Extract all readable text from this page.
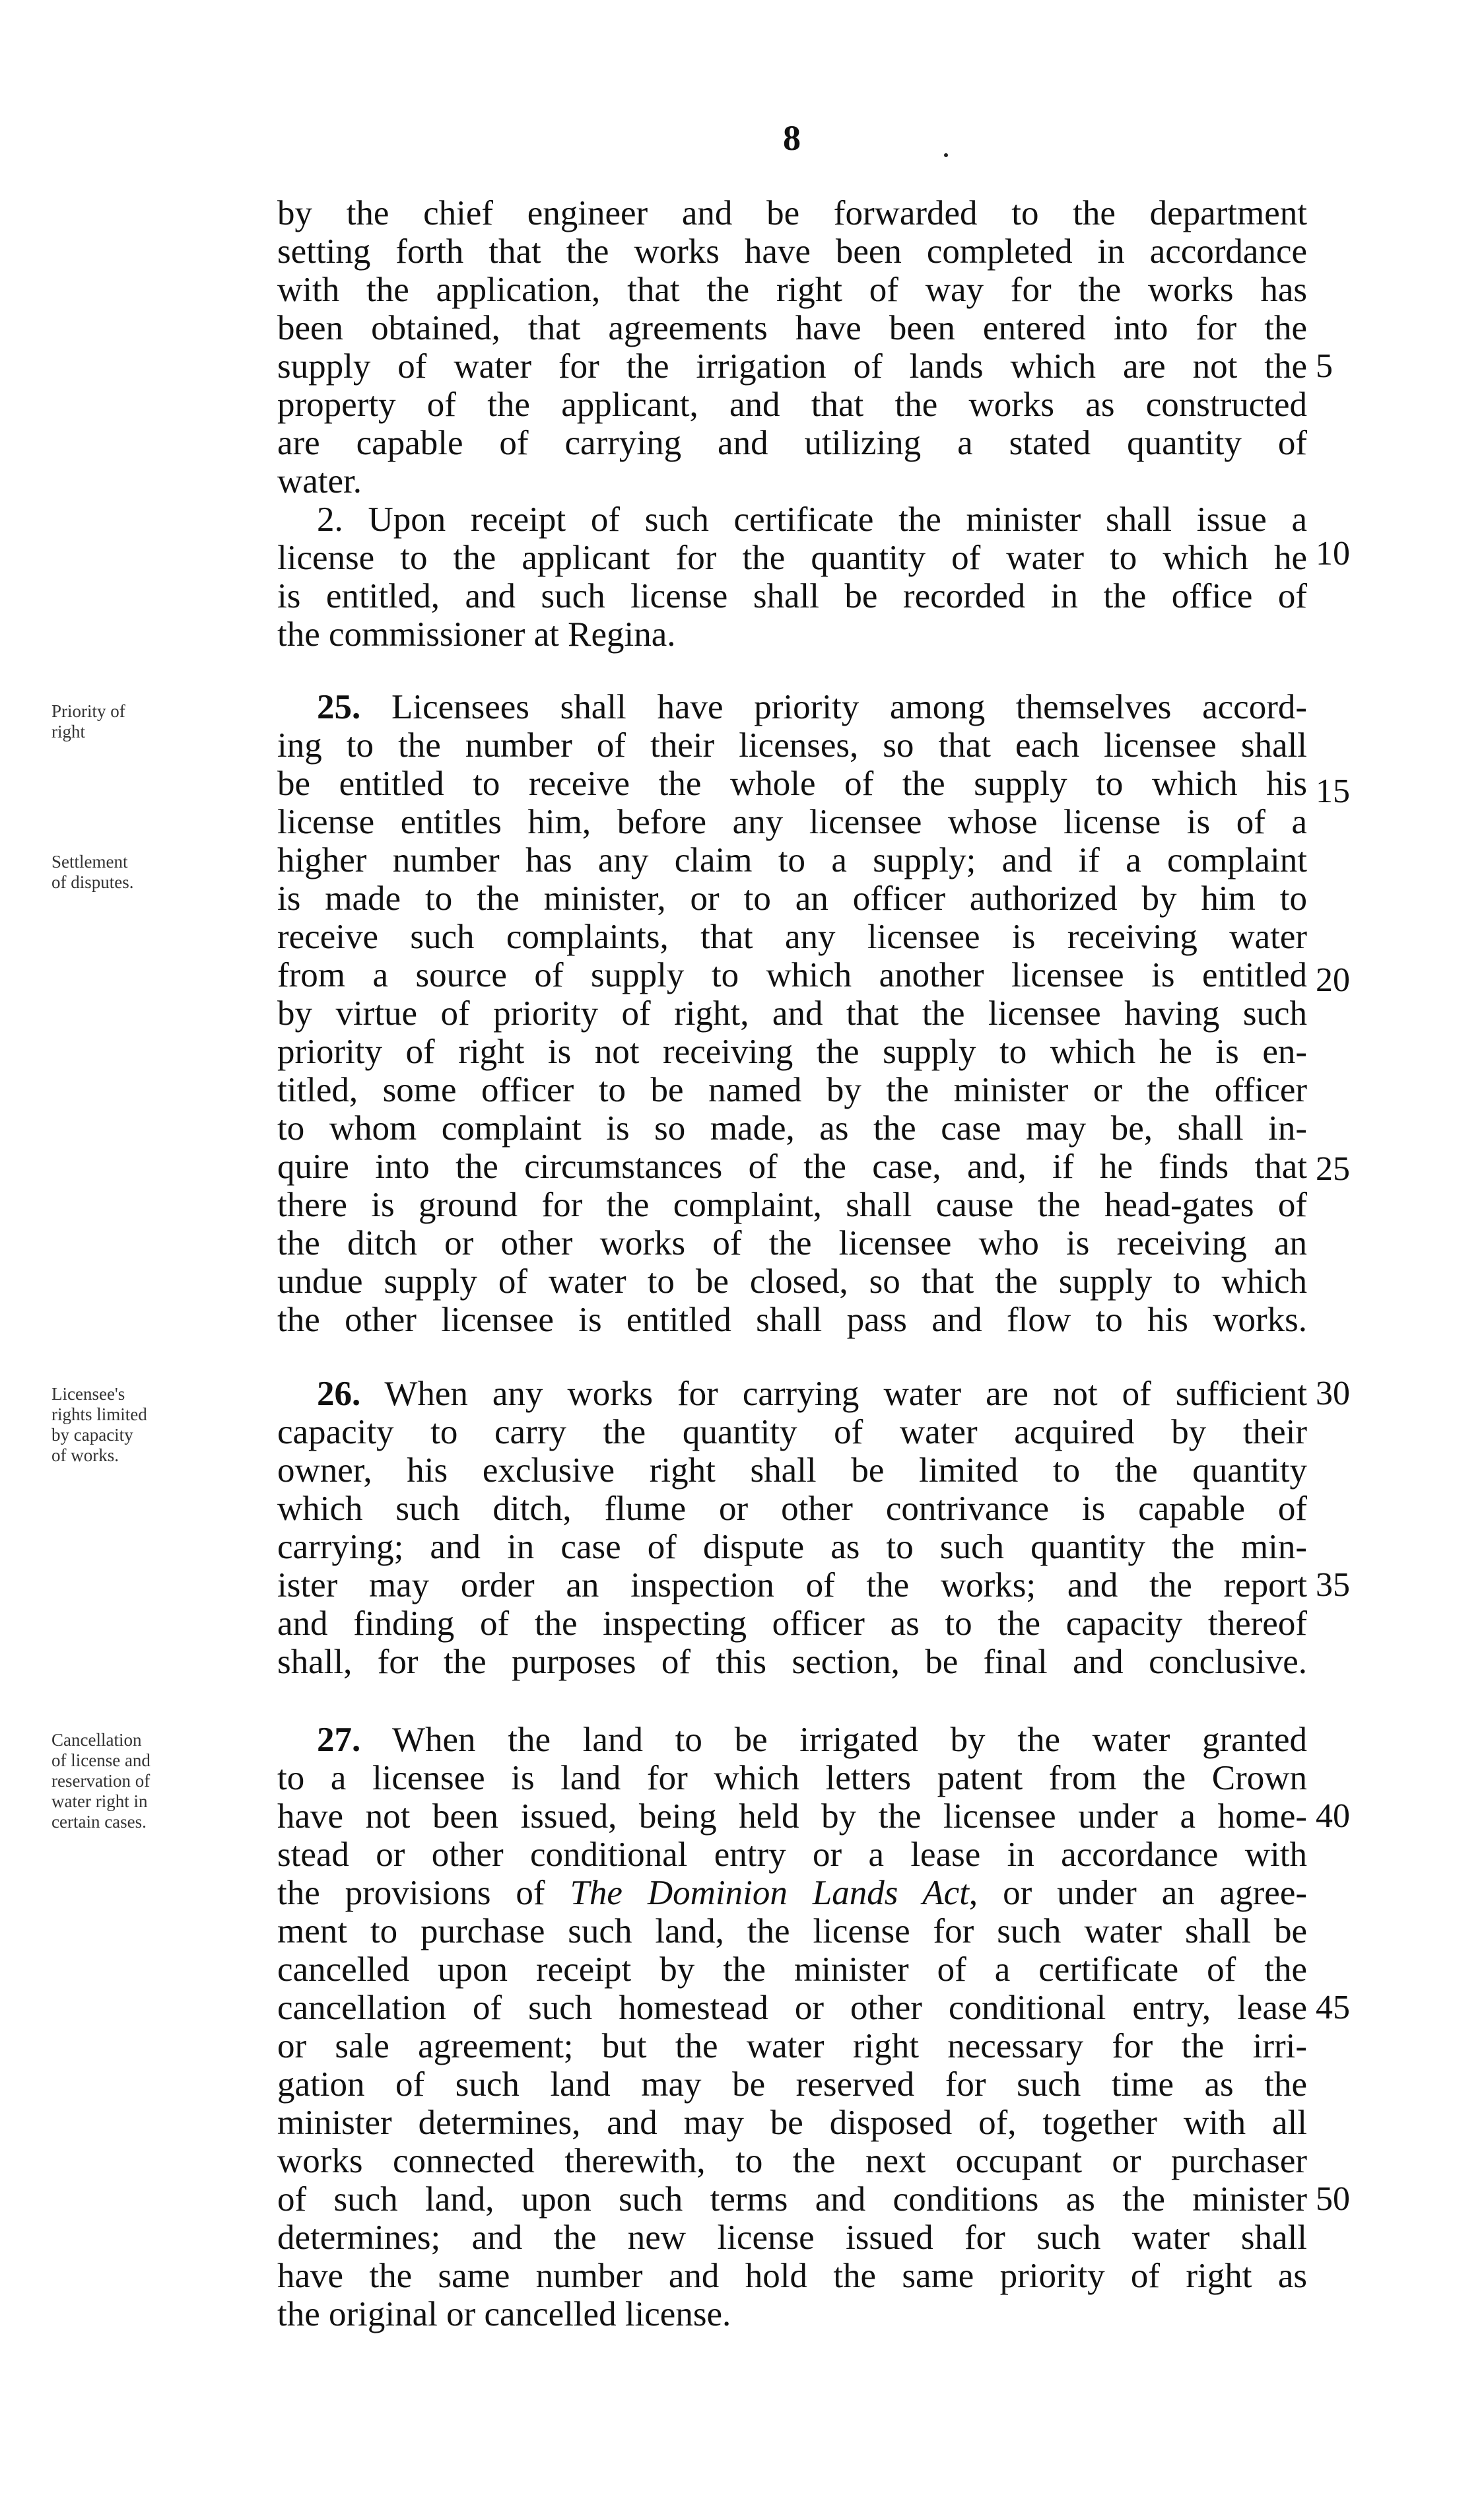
8
by the chief engineer and be forwarded to the department
setting forth that the works have been completed in accordance
with the application, that the right of way for the works has
been obtained, that agreements have been entered into for the
supply of water for the irrigation of lands which are not the
property of the applicant, and that the works as constructed
are capable of carrying and utilizing a stated quantity of
water.
5
2. Upon receipt of such certificate the minister shall issue a
license to the applicant for the quantity of water to which he
is entitled, and such license shall be recorded in the office of
the commissioner at Regina.
10
Priority of
right
Settlement
of disputes.
25. Licensees shall have priority among themselves accord-
ing to the number of their licenses, so that each licensee shall
be entitled to receive the whole of the supply to which his
license entitles him, before any licensee whose license is of a
higher number has any claim to a supply; and if a complaint
is made to the minister, or to an officer authorized by him to
receive such complaints, that any licensee is receiving water
from a source of supply to which another licensee is entitled
by virtue of priority of right, and that the licensee having such
priority of right is not receiving the supply to which he is en-
titled, some officer to be named by the minister or the officer
to whom complaint is so made, as the case may be, shall in-
quire into the circumstances of the case, and, if he finds that
there is ground for the complaint, shall cause the head-gates of
the ditch or other works of the licensee who is receiving an
undue supply of water to be closed, so that the supply to which
the other licensee is entitled shall pass and flow to his works.
15
20
25
Licensee's
rights limited
by capacity
of works.
26. When any works for carrying water are not of sufficient
capacity to carry the quantity of water acquired by their
owner, his exclusive right shall be limited to the quantity
which such ditch, flume or other contrivance is capable of
carrying; and in case of dispute as to such quantity the min-
ister may order an inspection of the works; and the report
and finding of the inspecting officer as to the capacity thereof
shall, for the purposes of this section, be final and conclusive.
30
35
Cancellation
of license and
reservation of
water right in
certain cases.
27. When the land to be irrigated by the water granted
to a licensee is land for which letters patent from the Crown
have not been issued, being held by the licensee under a home-
stead or other conditional entry or a lease in accordance with
the provisions of The Dominion Lands Act, or under an agree-
ment to purchase such land, the license for such water shall be
cancelled upon receipt by the minister of a certificate of the
cancellation of such homestead or other conditional entry, lease
or sale agreement; but the water right necessary for the irri-
gation of such land may be reserved for such time as the
minister determines, and may be disposed of, together with all
works connected therewith, to the next occupant or purchaser
of such land, upon such terms and conditions as the minister
determines; and the new license issued for such water shall
have the same number and hold the same priority of right as
the original or cancelled license.
40
45
50
